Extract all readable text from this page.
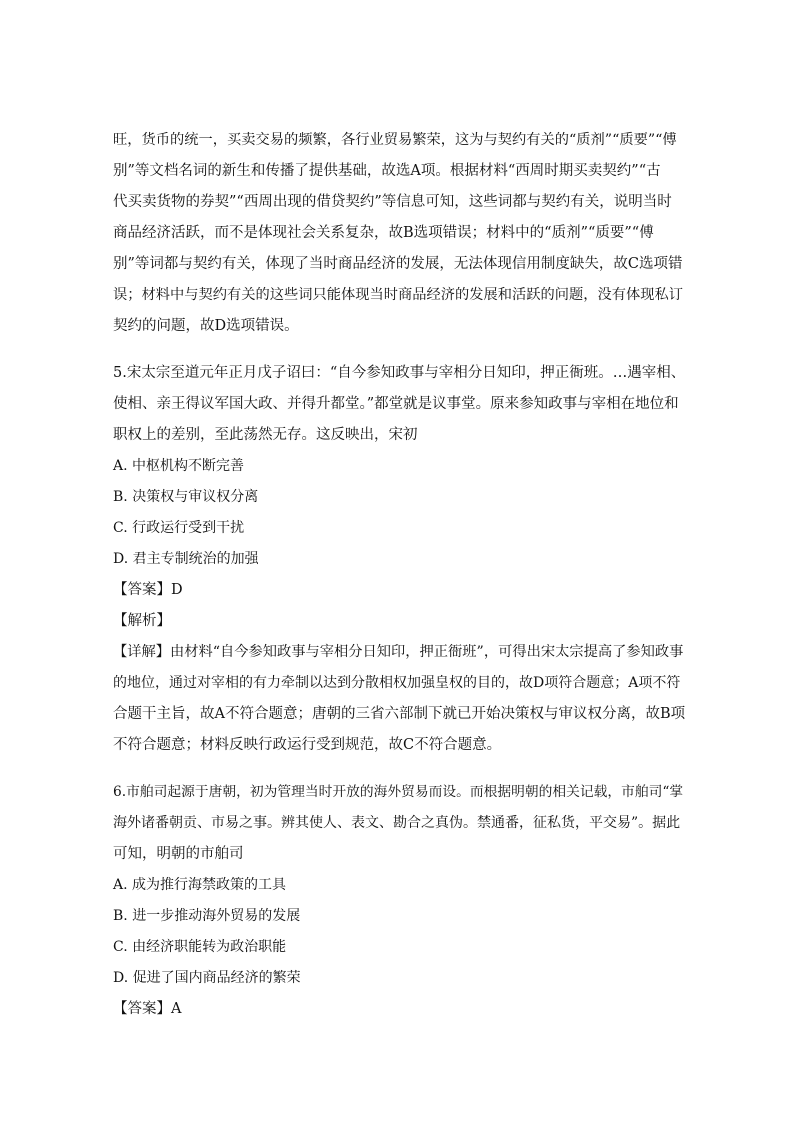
旺，货币的统一，买卖交易的频繁，各行业贸易繁荣，这为与契约有关的“质剂”“质要”“傅

别”等文档名词的新生和传播了提供基础，故选A项。根据材料“西周时期买卖契约”“古

代买卖货物的券契”“西周出现的借贷契约”等信息可知，这些词都与契约有关，说明当时

商品经济活跃，而不是体现社会关系复杂，故B选项错误；材料中的“质剂”“质要”“傅

别”等词都与契约有关，体现了当时商品经济的发展，无法体现信用制度缺失，故C选项错

误；材料中与契约有关的这些词只能体现当时商品经济的发展和活跃的问题，没有体现私订

契约的问题，故D选项错误。

5.宋太宗至道元年正月戊子诏曰：“自今参知政事与宰相分日知印，押正衙班。…遇宰相、

使相、亲王得议军国大政、并得升都堂。”都堂就是议事堂。原来参知政事与宰相在地位和

职权上的差别，至此荡然无存。这反映出，宋初

A. 中枢机构不断完善

B. 决策权与审议权分离

C. 行政运行受到干扰

D. 君主专制统治的加强

【答案】D

【解析】

【详解】由材料“自今参知政事与宰相分日知印，押正衙班”，可得出宋太宗提高了参知政事

的地位，通过对宰相的有力牵制以达到分散相权加强皇权的目的，故D项符合题意；A项不符

合题干主旨，故A不符合题意；唐朝的三省六部制下就已开始决策权与审议权分离，故B项

不符合题意；材料反映行政运行受到规范，故C不符合题意。

6.市舶司起源于唐朝，初为管理当时开放的海外贸易而设。而根据明朝的相关记载，市舶司“掌

海外诸番朝贡、市易之事。辨其使人、表文、勘合之真伪。禁通番，征私货，平交易”。据此

可知，明朝的市舶司

A. 成为推行海禁政策的工具

B. 进一步推动海外贸易的发展

C. 由经济职能转为政治职能

D. 促进了国内商品经济的繁荣

【答案】A
